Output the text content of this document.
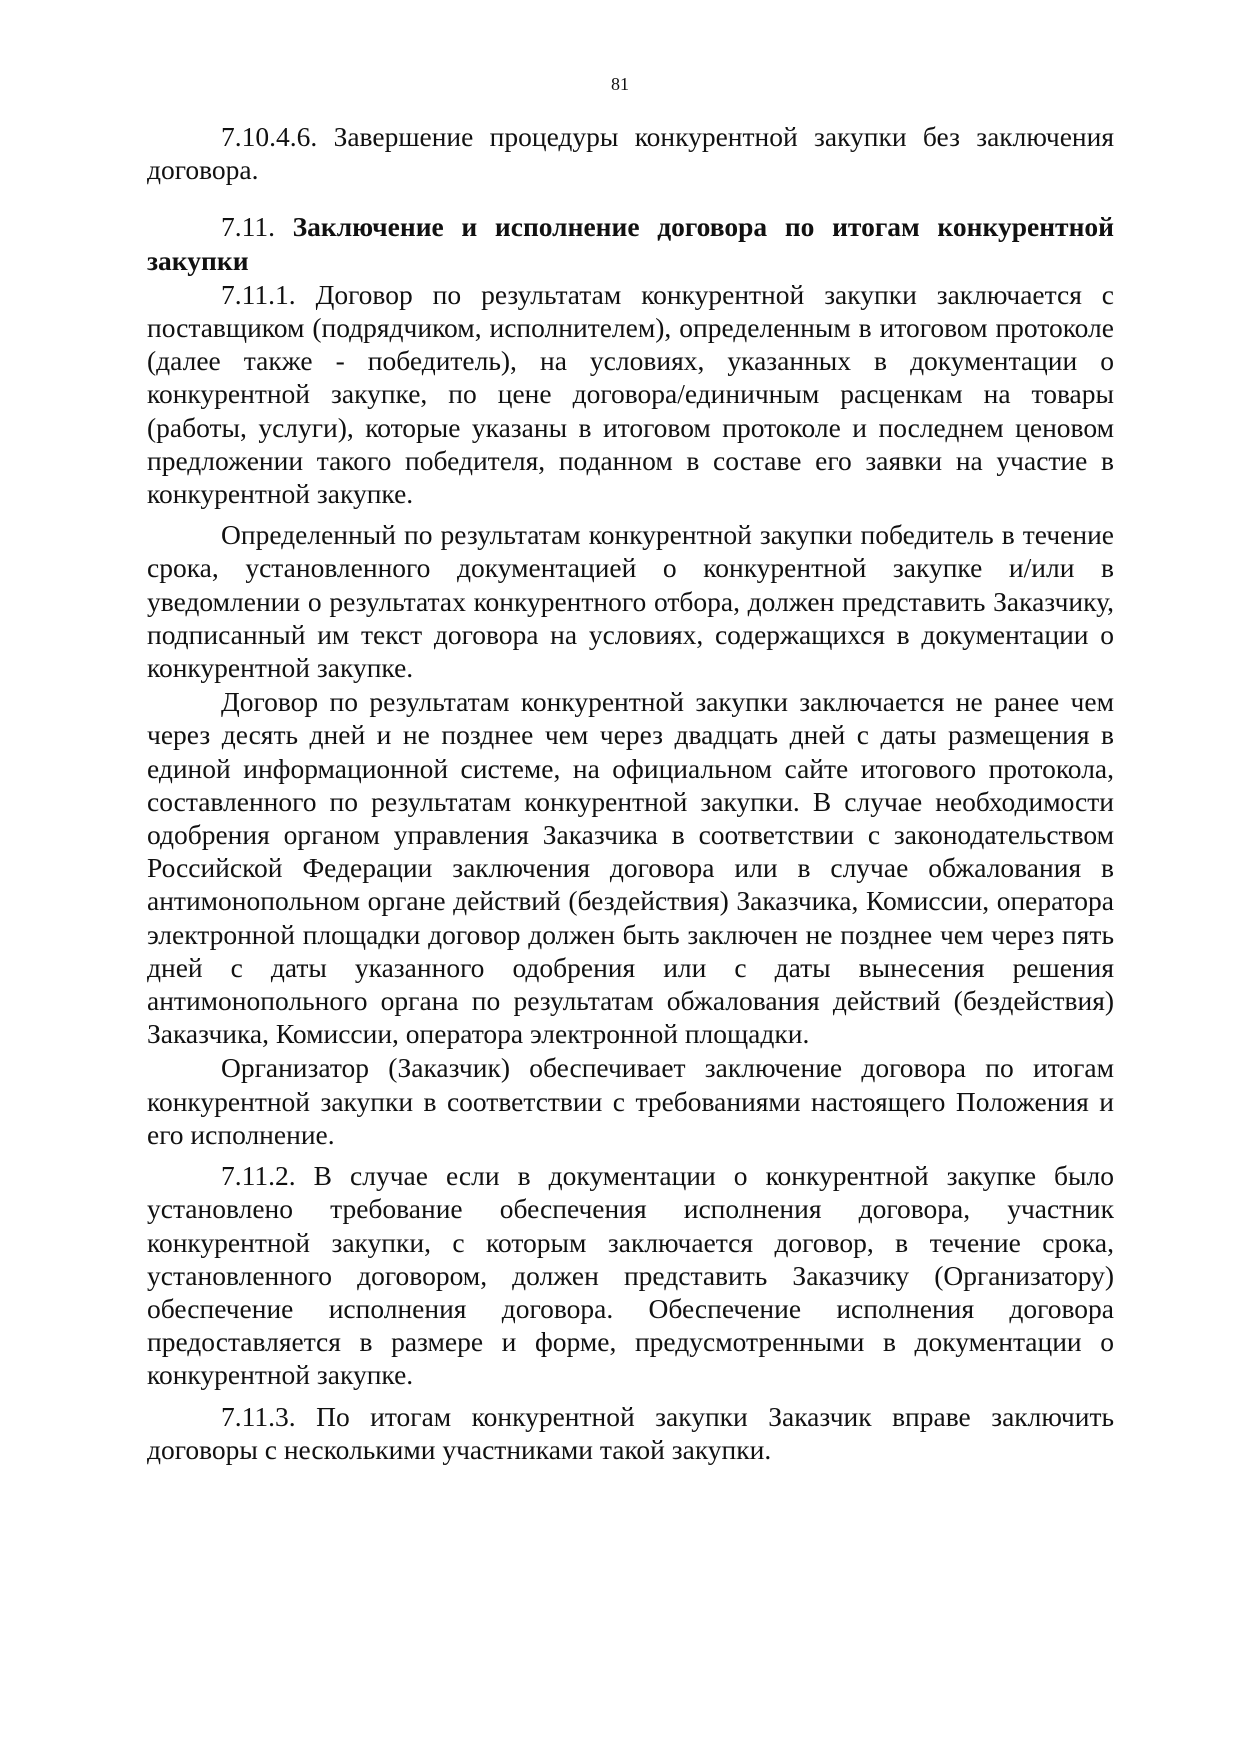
81

7.10.4.6. Завершение процедуры конкурентной закупки без заключения договора.

7.11. Заключение и исполнение договора по итогам конкурентной закупки

7.11.1. Договор по результатам конкурентной закупки заключается с поставщиком (подрядчиком, исполнителем), определенным в итоговом протоколе (далее также - победитель), на условиях, указанных в документации о конкурентной закупке, по цене договора/единичным расценкам на товары (работы, услуги), которые указаны в итоговом протоколе и последнем ценовом предложении такого победителя, поданном в составе его заявки на участие в конкурентной закупке.

Определенный по результатам конкурентной закупки победитель в течение срока, установленного документацией о конкурентной закупке и/или в уведомлении о результатах конкурентного отбора, должен представить Заказчику, подписанный им текст договора на условиях, содержащихся в документации о конкурентной закупке.

Договор по результатам конкурентной закупки заключается не ранее чем через десять дней и не позднее чем через двадцать дней с даты размещения в единой информационной системе, на официальном сайте итогового протокола, составленного по результатам конкурентной закупки. В случае необходимости одобрения органом управления Заказчика в соответствии с законодательством Российской Федерации заключения договора или в случае обжалования в антимонопольном органе действий (бездействия) Заказчика, Комиссии, оператора электронной площадки договор должен быть заключен не позднее чем через пять дней с даты указанного одобрения или с даты вынесения решения антимонопольного органа по результатам обжалования действий (бездействия) Заказчика, Комиссии, оператора электронной площадки.

Организатор (Заказчик) обеспечивает заключение договора по итогам конкурентной закупки в соответствии с требованиями настоящего Положения и его исполнение.

7.11.2. В случае если в документации о конкурентной закупке было установлено требование обеспечения исполнения договора, участник конкурентной закупки, с которым заключается договор, в течение срока, установленного договором, должен представить Заказчику (Организатору) обеспечение исполнения договора. Обеспечение исполнения договора предоставляется в размере и форме, предусмотренными в документации о конкурентной закупке.

7.11.3. По итогам конкурентной закупки Заказчик вправе заключить договоры с несколькими участниками такой закупки.
